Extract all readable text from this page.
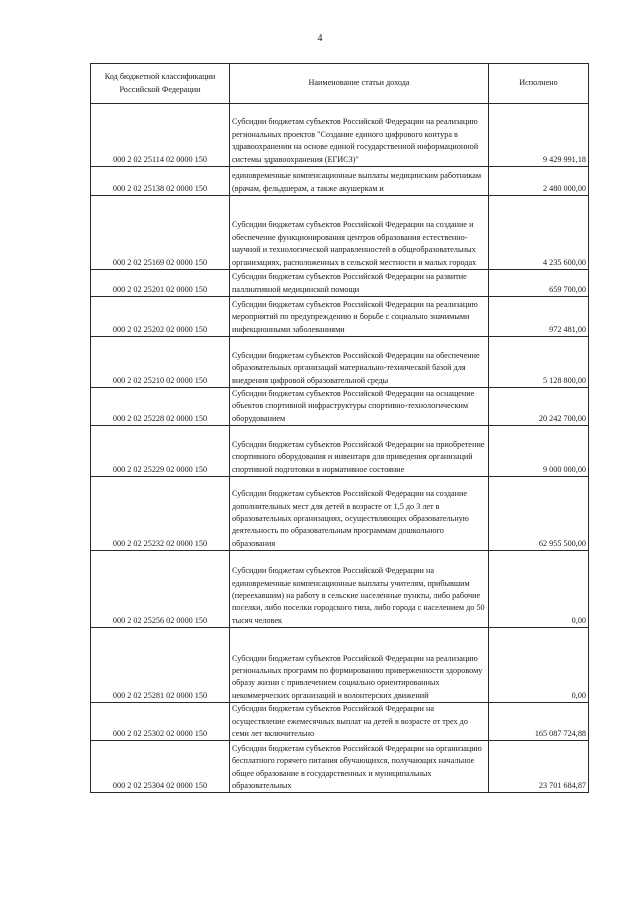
4
Код бюджетной классификации Российской Федерации	Наименование статьи дохода	Исполнено
000 2 02 25114 02 0000 150	Субсидии бюджетам субъектов Российской Федерации на реализацию региональных проектов "Создание единого цифрового контура в здравоохранении на основе единой государственной информационной системы здравоохранения (ЕГИСЗ)"	9 429 991,18
000 2 02 25138 02 0000 150	единовременные компенсационные выплаты медицинским работникам (врачам, фельдшерам, а также акушеркам и	2 480 000,00
000 2 02 25169 02 0000 150	Субсидии бюджетам субъектов Российской Федерации на создание и обеспечение функционирования центров образования естественно-научной и технологической направленностей в общеобразовательных организациях, расположенных в сельской местности и малых городах	4 235 600,00
000 2 02 25201 02 0000 150	Субсидии бюджетам субъектов Российской Федерации на развитие паллиативной медицинской помощи	659 700,00
000 2 02 25202 02 0000 150	Субсидии бюджетам субъектов Российской Федерации на реализацию мероприятий по предупреждению и борьбе с социально значимыми инфекционными заболеваниями	972 481,00
000 2 02 25210 02 0000 150	Субсидии бюджетам субъектов Российской Федерации на обеспечение образовательных организаций материально-технической базой для внедрения цифровой образовательной среды	5 128 800,00
000 2 02 25228 02 0000 150	Субсидии бюджетам субъектов Российской Федерации на оснащение объектов спортивной инфраструктуры спортивно-технологическим оборудованием	20 242 700,00
000 2 02 25229 02 0000 150	Субсидии бюджетам субъектов Российской Федерации на приобретение спортивного оборудования и инвентаря для приведения организаций спортивной подготовки в нормативное состояние	9 000 000,00
000 2 02 25232 02 0000 150	Субсидии бюджетам субъектов Российской Федерации на создание дополнительных мест для детей в возрасте от 1,5 до 3 лет в образовательных организациях, осуществляющих образовательную деятельность по образовательным программам дошкольного образования	62 955 500,00
000 2 02 25256 02 0000 150	Субсидии бюджетам субъектов Российской Федерации на единовременные компенсационные выплаты учителям, прибывшим (переехавшим) на работу в сельские населенные пункты, либо рабочие поселки, либо поселки городского типа, либо города с населением до 50 тысяч человек	0,00
000 2 02 25281 02 0000 150	Субсидии бюджетам субъектов Российской Федерации на реализацию региональных программ по формированию приверженности здоровому образу жизни с привлечением социально ориентированных некоммерческих организаций и волонтерских движений	0,00
000 2 02 25302 02 0000 150	Субсидии бюджетам субъектов Российской Федерации на осуществление ежемесячных выплат на детей в возрасте от трех до семи лет включительно	165 087 724,88
000 2 02 25304 02 0000 150	Субсидии бюджетам субъектов Российской Федерации на организацию бесплатного горячего питания обучающихся, получающих начальное общее образование в государственных и муниципальных образовательных	23 701 684,87
